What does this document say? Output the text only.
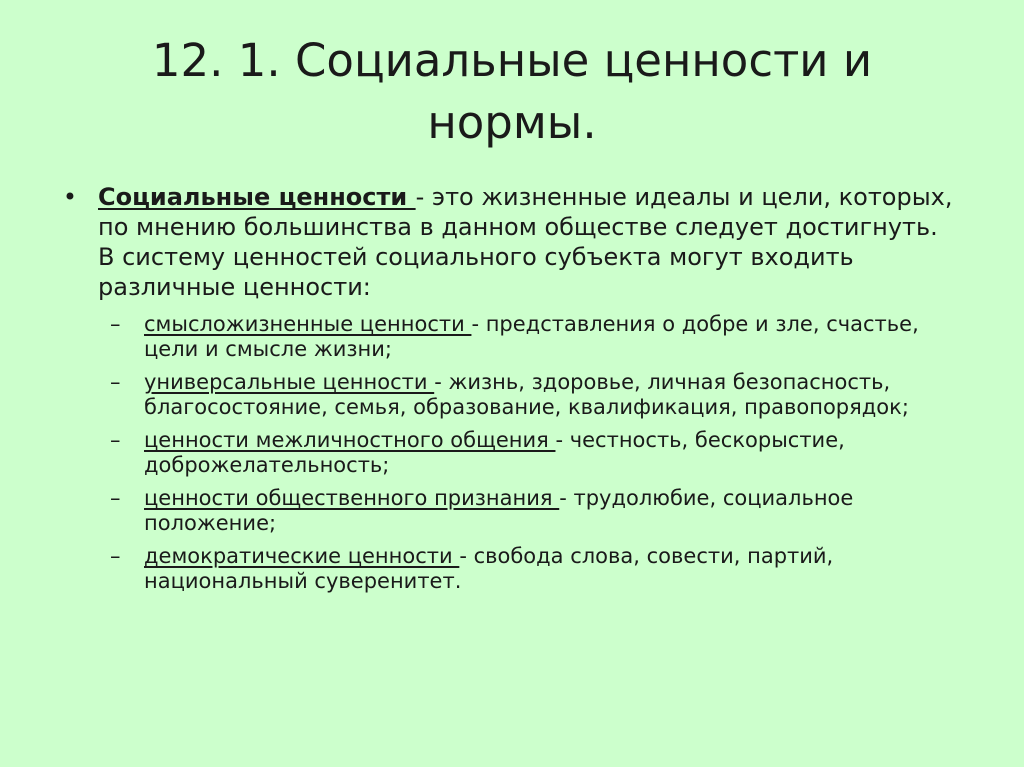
12. 1. Социальные ценности и нормы.
• Социальные ценности - это жизненные идеалы и цели, которых, по мнению большинства в данном обществе следует достигнуть. В систему ценностей социального субъекта могут входить различные ценности:
– смысложизненные ценности - представления о добре и зле, счастье, цели и смысле жизни;
– универсальные ценности - жизнь, здоровье, личная безопасность, благосостояние, семья, образование, квалификация, правопорядок;
– ценности межличностного общения - честность, бескорыстие, доброжелательность;
– ценности общественного признания - трудолюбие, социальное положение;
– демократические ценности - свобода слова, совести, партий, национальный суверенитет.
